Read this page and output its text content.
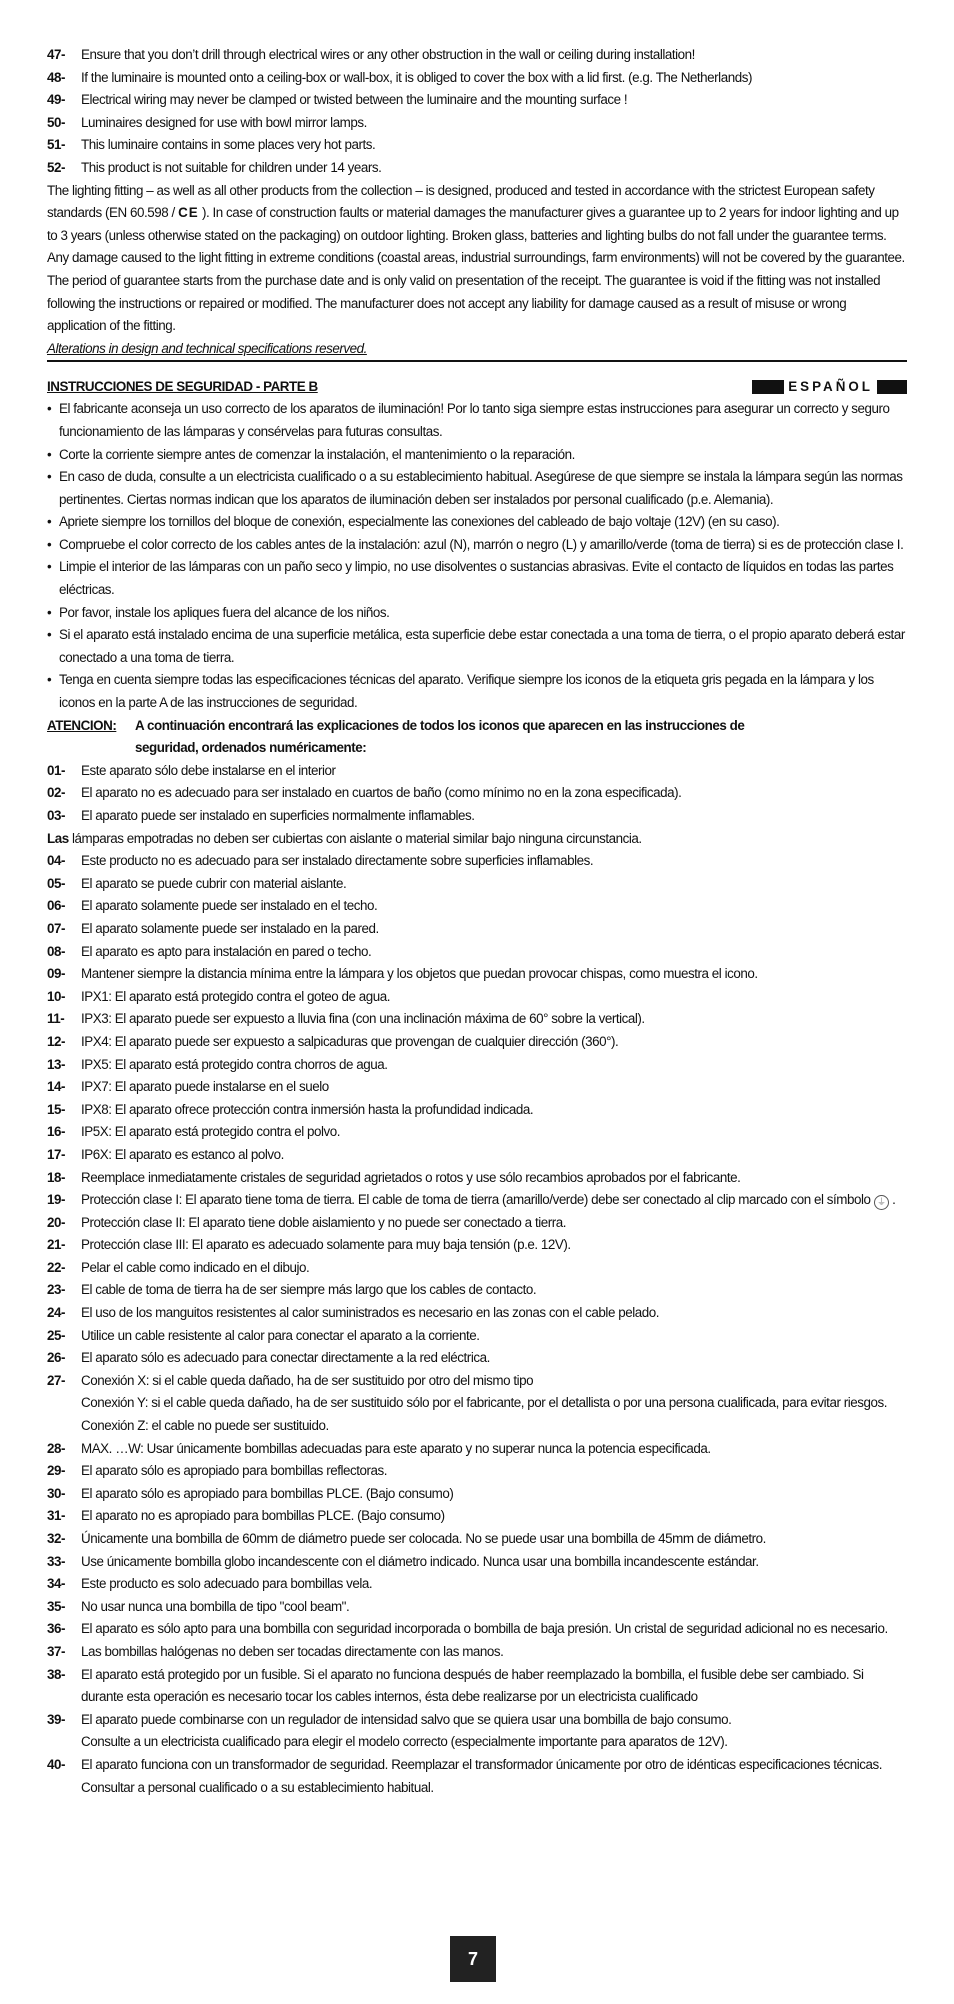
47-	Ensure that you don’t drill through electrical wires or any other obstruction in the wall or ceiling during installation!
48-	If the luminaire is mounted onto a ceiling-box or wall-box, it is obliged to cover the box with a lid first. (e.g. The Netherlands)
49-	Electrical wiring may never be clamped or twisted between the luminaire and the mounting surface !
50-	Luminaires designed for use with bowl mirror lamps.
51-	This luminaire contains in some places very hot parts.
52-	This product is not suitable for children under 14 years.
The lighting fitting – as well as all other products from the collection – is designed, produced and tested in accordance with the strictest European safety standards (EN 60.598 / CE ). In case of construction faults or material damages the manufacturer gives a guarantee up to 2 years for indoor lighting and up to 3 years (unless otherwise stated on the packaging) on outdoor lighting. Broken glass, batteries and lighting bulbs do not fall under the guarantee terms. Any damage caused to the light fitting in extreme conditions (coastal areas, industrial surroundings, farm environments) will not be covered by the guarantee. The period of guarantee starts from the purchase date and is only valid on presentation of the receipt. The guarantee is void if the fitting was not installed following the instructions or repaired or modified. The manufacturer does not accept any liability for damage caused as a result of misuse or wrong application of the fitting.
Alterations in design and technical specifications reserved.
INSTRUCCIONES DE SEGURIDAD - PARTE B	ESPAÑOL
• El fabricante aconseja un uso correcto de los aparatos de iluminación! Por lo tanto siga siempre estas instrucciones para asegurar un correcto y seguro funcionamiento de las lámparas y consérvelas para futuras consultas.
• Corte la corriente siempre antes de comenzar la instalación, el mantenimiento o la reparación.
• En caso de duda, consulte a un electricista cualificado o a su establecimiento habitual. Asegúrese de que siempre se instala la lámpara según las normas pertinentes. Ciertas normas indican que los aparatos de iluminación deben ser instalados por personal cualificado (p.e. Alemania).
• Apriete siempre los tornillos del bloque de conexión, especialmente las conexiones del cableado de bajo voltaje (12V) (en su caso).
• Compruebe el color correcto de los cables antes de la instalación: azul (N), marrón o negro (L) y amarillo/verde (toma de tierra) si es de protección clase I.
• Limpie el interior de las lámparas con un paño seco y limpio, no use disolventes o sustancias abrasivas. Evite el contacto de líquidos en todas las partes eléctricas.
• Por favor, instale los apliques fuera del alcance de los niños.
• Si el aparato está instalado encima de una superficie metálica, esta superficie debe estar conectada a una toma de tierra, o el propio aparato deberá estar conectado a una toma de tierra.
• Tenga en cuenta siempre todas las especificaciones técnicas del aparato. Verifique siempre los iconos de la etiqueta gris pegada en la lámpara y los iconos en la parte A de las instrucciones de seguridad.
ATENCION:	A continuación encontrará las explicaciones de todos los iconos que aparecen en las instrucciones de seguridad, ordenados numéricamente:
01-	Este aparato sólo debe instalarse en el interior
02-	El aparato no es adecuado para ser instalado en cuartos de baño (como mínimo no en la zona especificada).
03-	El aparato puede ser instalado en superficies normalmente inflamables.
Las lámparas empotradas no deben ser cubiertas con aislante o material similar bajo ninguna circunstancia.
04-	Este producto no es adecuado para ser instalado directamente sobre superficies inflamables.
05-	El aparato se puede cubrir con material aislante.
06-	El aparato solamente puede ser instalado en el techo.
07-	El aparato solamente puede ser instalado en la pared.
08-	El aparato es apto para instalación en pared o techo.
09-	Mantener siempre la distancia mínima entre la lámpara y los objetos que puedan provocar chispas, como muestra el icono.
10-	IPX1: El aparato está protegido contra el goteo de agua.
11-	IPX3: El aparato puede ser expuesto a lluvia fina (con una inclinación máxima de 60° sobre la vertical).
12-	IPX4: El aparato puede ser expuesto a salpicaduras que provengan de cualquier dirección (360°).
13-	IPX5: El aparato está protegido contra chorros de agua.
14-	IPX7: El aparato puede instalarse en el suelo
15-	IPX8: El aparato ofrece protección contra inmersión hasta la profundidad indicada.
16-	IP5X: El aparato está protegido contra el polvo.
17-	IP6X: El aparato es estanco al polvo.
18-	Reemplace inmediatamente cristales de seguridad agrietados o rotos y use sólo recambios aprobados por el fabricante.
19-	Protección clase I: El aparato tiene toma de tierra. El cable de toma de tierra (amarillo/verde) debe ser conectado al clip marcado con el símbolo ⏚ .
20-	Protección clase II: El aparato tiene doble aislamiento y no puede ser conectado a tierra.
21-	Protección clase III: El aparato es adecuado solamente para muy baja tensión (p.e. 12V).
22-	Pelar el cable como indicado en el dibujo.
23-	El cable de toma de tierra ha de ser siempre más largo que los cables de contacto.
24-	El uso de los manguitos resistentes al calor suministrados es necesario en las zonas con el cable pelado.
25-	Utilice un cable resistente al calor para conectar el aparato a la corriente.
26-	El aparato sólo es adecuado para conectar directamente a la red eléctrica.
27-	Conexión X: si el cable queda dañado, ha de ser sustituido por otro del mismo tipo
Conexión Y: si el cable queda dañado, ha de ser sustituido sólo por el fabricante, por el detallista o por una persona cualificada, para evitar riesgos.
Conexión Z: el cable no puede ser sustituido.
28-	MAX. …W: Usar únicamente bombillas adecuadas para este aparato y no superar nunca la potencia especificada.
29-	El aparato sólo es apropiado para bombillas reflectoras.
30-	El aparato sólo es apropiado para bombillas PLCE. (Bajo consumo)
31-	El aparato no es apropiado para bombillas PLCE. (Bajo consumo)
32-	Únicamente una bombilla de 60mm de diámetro puede ser colocada. No se puede usar una bombilla de 45mm de diámetro.
33-	Use únicamente bombilla globo incandescente con el diámetro indicado. Nunca usar una bombilla incandescente estándar.
34-	Este producto es solo adecuado para bombillas vela.
35-	No usar nunca una bombilla de tipo "cool beam".
36-	El aparato es sólo apto para una bombilla con seguridad incorporada o bombilla de baja presión. Un cristal de seguridad adicional no es necesario.
37-	Las bombillas halógenas no deben ser tocadas directamente con las manos.
38-	El aparato está protegido por un fusible. Si el aparato no funciona después de haber reemplazado la bombilla, el fusible debe ser cambiado. Si durante esta operación es necesario tocar los cables internos, ésta debe realizarse por un electricista cualificado
39-	El aparato puede combinarse con un regulador de intensidad salvo que se quiera usar una bombilla de bajo consumo.
Consulte a un electricista cualificado para elegir el modelo correcto (especialmente importante para aparatos de 12V).
40-	El aparato funciona con un transformador de seguridad. Reemplazar el transformador únicamente por otro de idénticas especificaciones técnicas. Consultar a personal cualificado o a su establecimiento habitual.
7
